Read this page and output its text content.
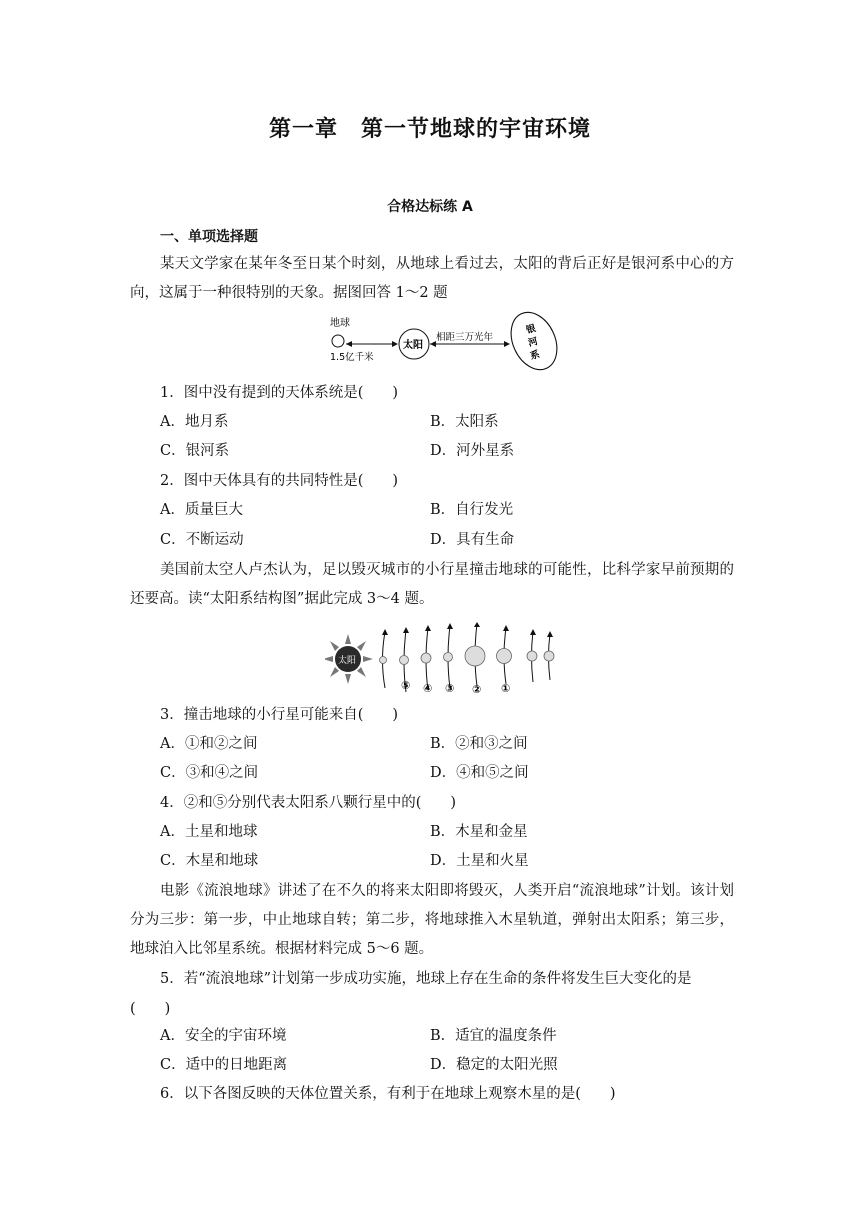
第一章　第一节地球的宇宙环境
合格达标练 A
一、单项选择题
某天文学家在某年冬至日某个时刻，从地球上看过去，太阳的背后正好是银河系中心的方向，这属于一种很特别的天象。据图回答 1～2 题
地球
1.5亿千米
太阳
相距三万光年
银
河
系
1．图中没有提到的天体系统是(　　)
A．地月系	B．太阳系
C．银河系	D．河外星系
2．图中天体具有的共同特性是(　　)
A．质量巨大	B．自行发光
C．不断运动	D．具有生命
美国前太空人卢杰认为，足以毁灭城市的小行星撞击地球的可能性，比科学家早前预期的还要高。读“太阳系结构图”据此完成 3～4 题。
太阳
⑤ ④ ③ ② ①
3．撞击地球的小行星可能来自(　　)
A．①和②之间	B．②和③之间
C．③和④之间	D．④和⑤之间
4．②和⑤分别代表太阳系八颗行星中的(　　)
A．土星和地球	B．木星和金星
C．木星和地球	D．土星和火星
电影《流浪地球》讲述了在不久的将来太阳即将毁灭，人类开启“流浪地球”计划。该计划分为三步：第一步，中止地球自转；第二步，将地球推入木星轨道，弹射出太阳系；第三步，地球泊入比邻星系统。根据材料完成 5～6 题。
5．若“流浪地球”计划第一步成功实施，地球上存在生命的条件将发生巨大变化的是
(　　)
A．安全的宇宙环境	B．适宜的温度条件
C．适中的日地距离	D．稳定的太阳光照
6．以下各图反映的天体位置关系，有利于在地球上观察木星的是(　　)
